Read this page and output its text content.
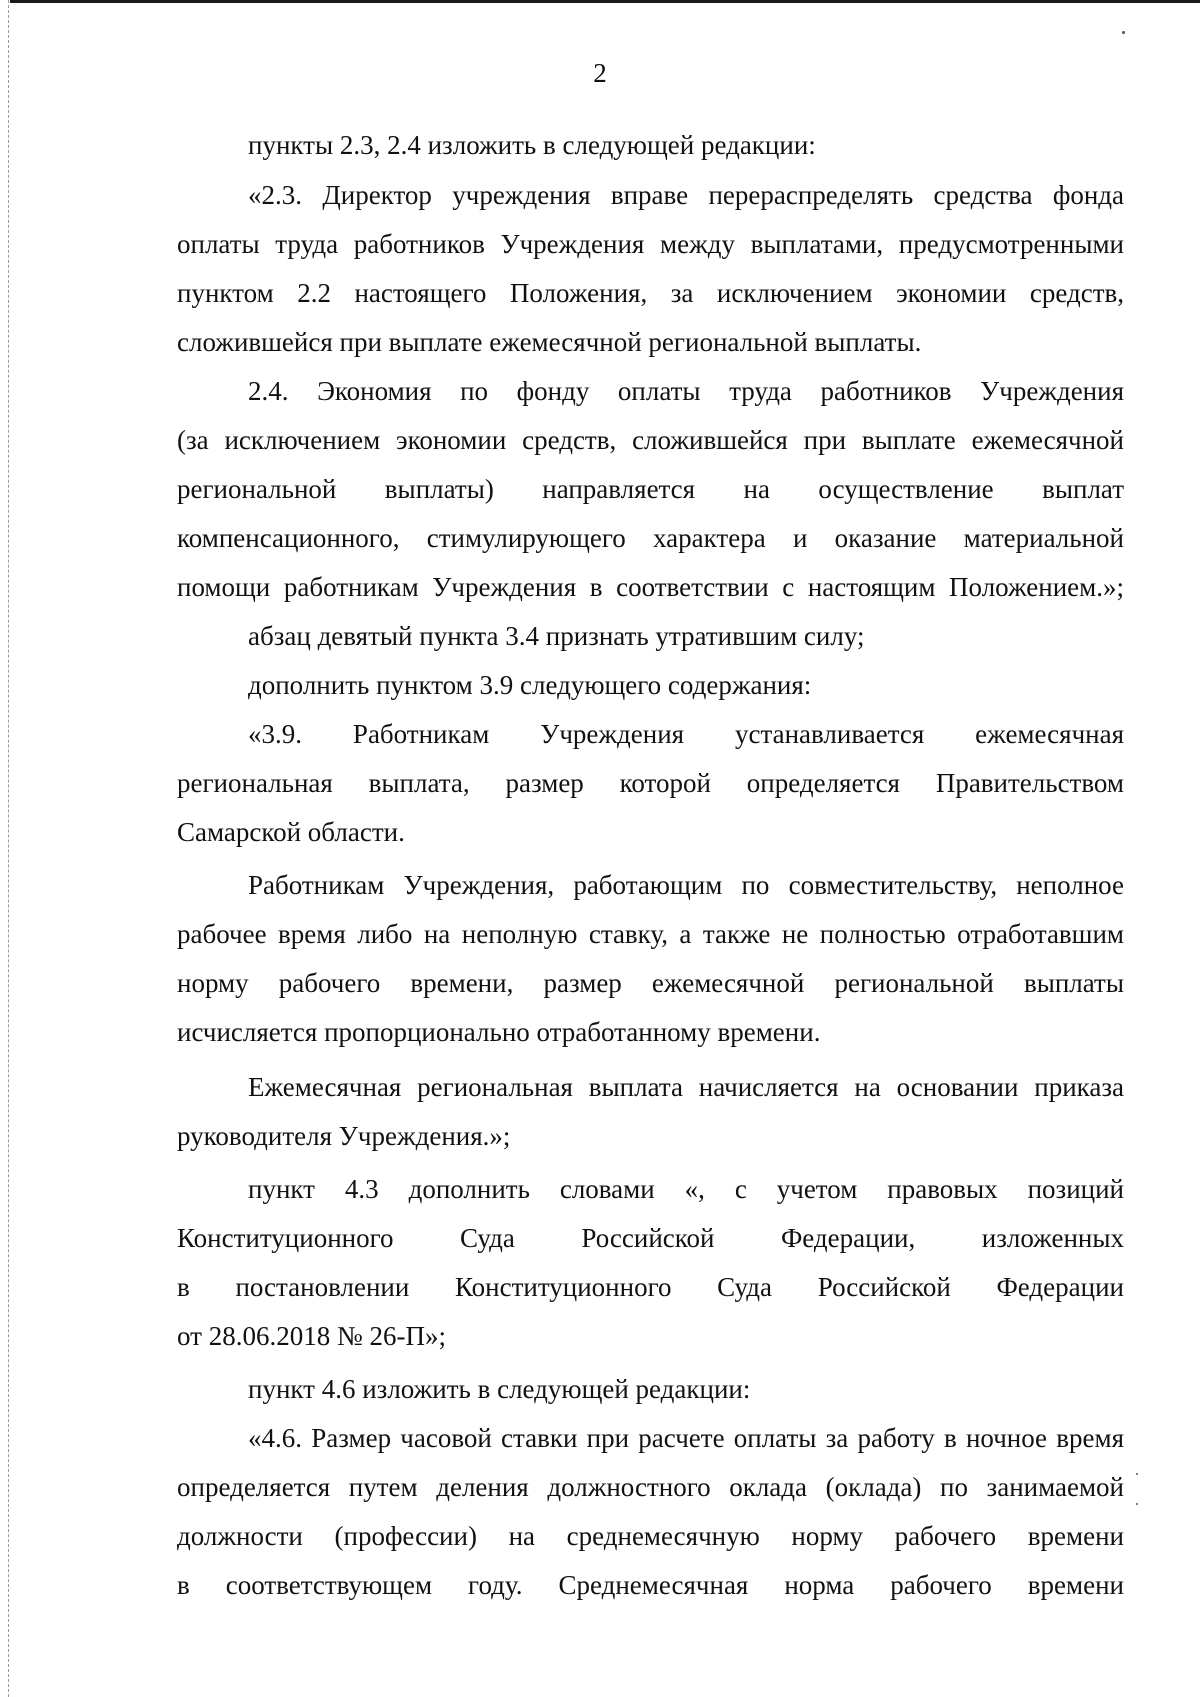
2
пункты 2.3, 2.4 изложить в следующей редакции:
«2.3. Директор учреждения вправе перераспределять средства фонда
оплаты труда работников Учреждения между выплатами, предусмотренными
пунктом 2.2 настоящего Положения, за исключением экономии средств,
сложившейся при выплате ежемесячной региональной выплаты.
2.4. Экономия по фонду оплаты труда работников Учреждения
(за исключением экономии средств, сложившейся при выплате ежемесячной
региональной выплаты) направляется на осуществление выплат
компенсационного, стимулирующего характера и оказание материальной
помощи работникам Учреждения в соответствии с настоящим Положением.»;
абзац девятый пункта 3.4 признать утратившим силу;
дополнить пунктом 3.9 следующего содержания:
«3.9. Работникам Учреждения устанавливается ежемесячная
региональная выплата, размер которой определяется Правительством
Самарской области.
Работникам Учреждения, работающим по совместительству, неполное
рабочее время либо на неполную ставку, а также не полностью отработавшим
норму рабочего времени, размер ежемесячной региональной выплаты
исчисляется пропорционально отработанному времени.
Ежемесячная региональная выплата начисляется на основании приказа
руководителя Учреждения.»;
пункт 4.3 дополнить словами «, с учетом правовых позиций
Конституционного Суда Российской Федерации, изложенных
в постановлении Конституционного Суда Российской Федерации
от 28.06.2018 № 26-П»;
пункт 4.6 изложить в следующей редакции:
«4.6. Размер часовой ставки при расчете оплаты за работу в ночное время
определяется путем деления должностного оклада (оклада) по занимаемой
должности (профессии) на среднемесячную норму рабочего времени
в соответствующем году. Среднемесячная норма рабочего времени
